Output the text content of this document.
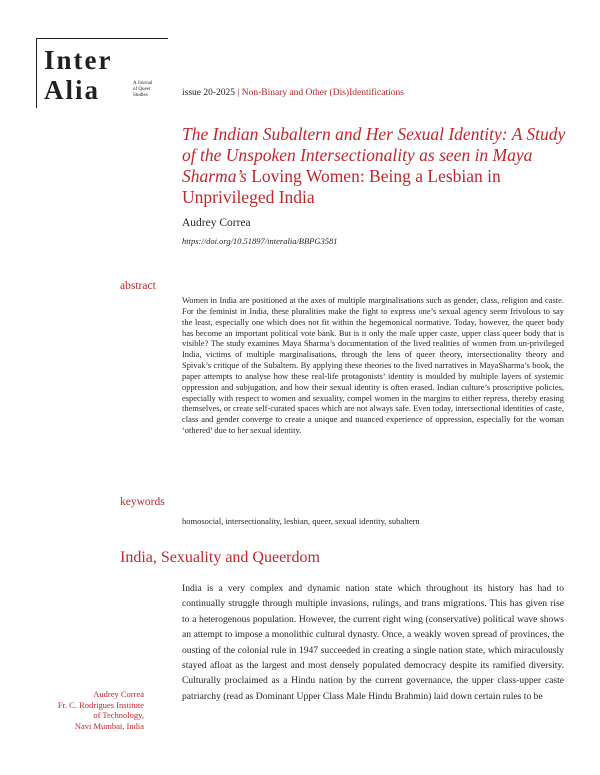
Inter
Alia	A Journal
of Queer
Studies	issue 20-2025 | Non-Binary and Other (Dis)Identifications
The Indian Subaltern and Her Sexual Identity: A Study of the Unspoken Intersectionality as seen in Maya Sharma’s Loving Women: Being a Lesbian in Unprivileged India
Audrey Correa
https://doi.org/10.51897/interalia/BBPG3581
abstract

Women in India are positioned at the axes of multiple marginalisations such as gender, class, religion and caste. For the feminist in India, these pluralities make the fight to express one’s sexual agency seem frivolous to say the least, especially one which does not fit within the hegemonical normative. Today, however, the queer body has become an important political vote bank. But is it only the male upper caste, upper class queer body that is visible? The study examines Maya Sharma’s documentation of the lived realities of women from un-privileged India, victims of multiple marginalisations, through the lens of queer theory, intersectionality theory and Spivak’s critique of the Subaltern. By applying these theories to the lived narratives in MayaSharma’s book, the paper attempts to analyse how these real-life protagonists’ identity is moulded by multiple layers of systemic oppression and subjugation, and how their sexual identity is often erased. Indian culture’s proscriptive policies, especially with respect to women and sexuality, compel women in the margins to either repress, thereby erasing themselves, or create self-curated spaces which are not always safe. Even today, intersectional identities of caste, class and gender converge to create a unique and nuanced experience of oppression, especially for the woman ‘othered’ due to her sexual identity.

keywords
homosocial, intersectionality, lesbian, queer, sexual identity, subaltern
India, Sexuality and Queerdom

India is a very complex and dynamic nation state which throughout its history has had to continually struggle through multiple invasions, rulings, and trans migrations. This has given rise to a heterogenous population. However, the current right wing (conservative) political wave shows an attempt to impose a monolithic cultural dynasty. Once, a weakly woven spread of provinces, the ousting of the colonial rule in 1947 succeeded in creating a single nation state, which miraculously stayed afloat as the largest and most densely populated democracy despite its ramified diversity. Culturally proclaimed as a Hindu nation by the current governance, the upper class-upper caste patriarchy (read as Dominant Upper Class Male Hindu Brahmin) laid down certain rules to be

Audrey Correa
Fr. C. Rodrigues Institute
of Technology,
Navi Mumbai, India
